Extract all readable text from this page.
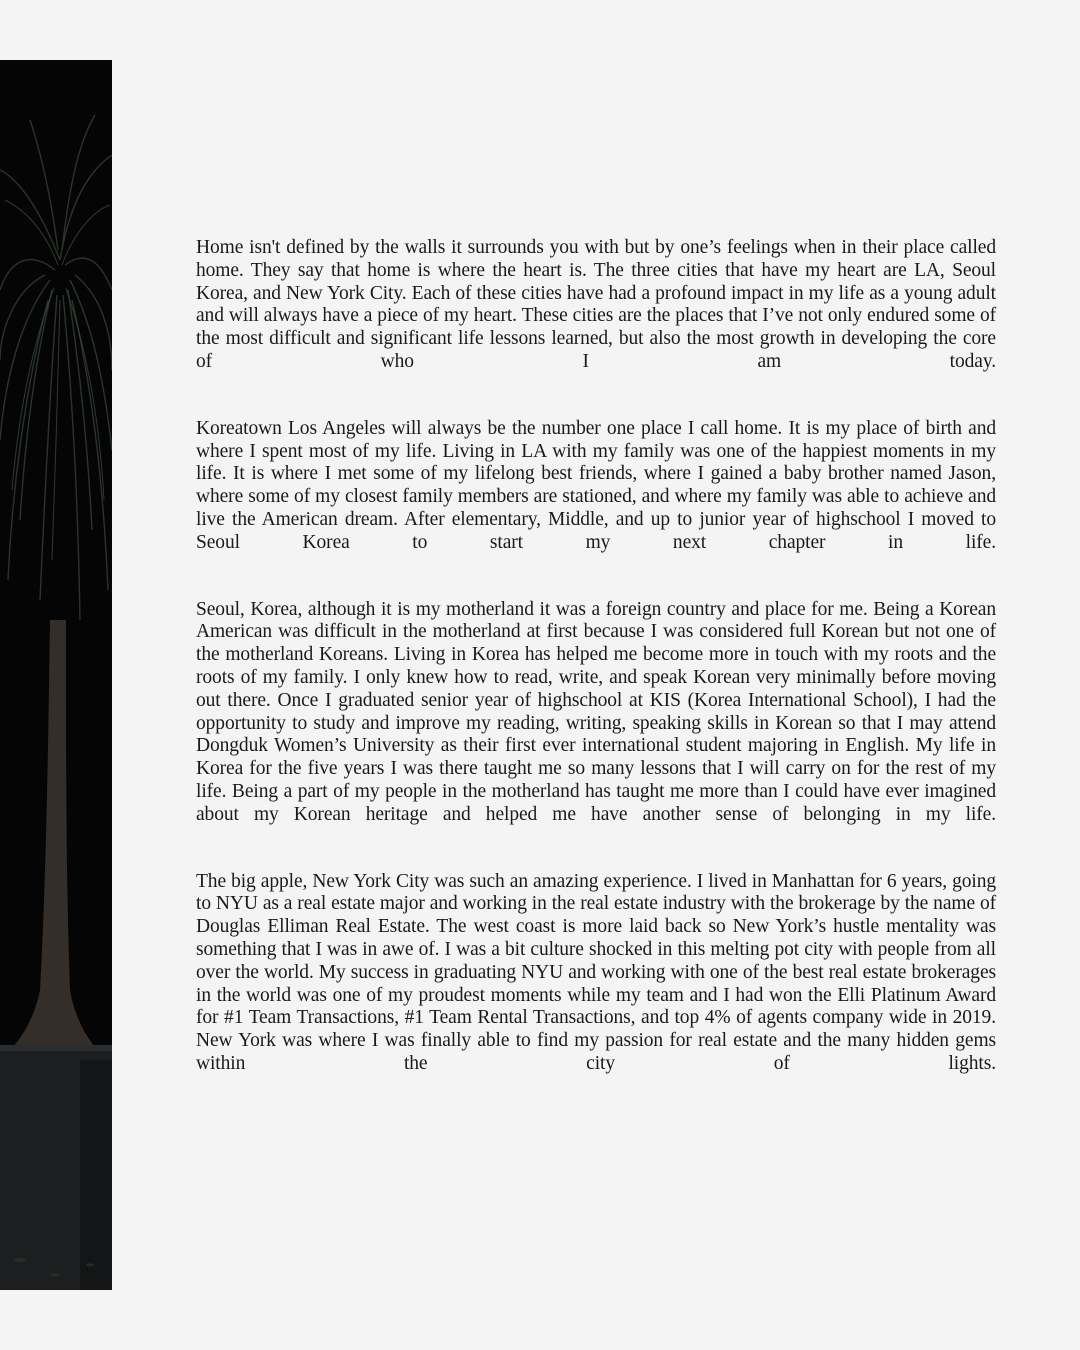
Home isn't defined by the walls it surrounds you with but by one’s feelings when in their place called home. They say that home is where the heart is. The three cities that have my heart are LA, Seoul Korea, and New York City. Each of these cities have had a profound impact in my life as a young adult and will always have a piece of my heart. These cities are the places that I’ve not only endured some of the most difficult and significant life lessons learned, but also the most growth in developing the core of who I am today.

Koreatown Los Angeles will always be the number one place I call home. It is my place of birth and where I spent most of my life. Living in LA with my family was one of the happiest moments in my life. It is where I met some of my lifelong best friends, where I gained a baby brother named Jason, where some of my closest family members are stationed, and where my family was able to achieve and live the American dream. After elementary, Middle, and up to junior year of highschool I moved to Seoul Korea to start my next chapter in life.

Seoul, Korea, although it is my motherland it was a foreign country and place for me. Being a Korean American was difficult in the motherland at first because I was considered full Korean but not one of the motherland Koreans. Living in Korea has helped me become more in touch with my roots and the roots of my family. I only knew how to read, write, and speak Korean very minimally before moving out there. Once I graduated senior year of highschool at KIS (Korea International School), I had the opportunity to study and improve my reading, writing, speaking skills in Korean so that I may attend Dongduk Women’s University as their first ever international student majoring in English. My life in Korea for the five years I was there taught me so many lessons that I will carry on for the rest of my life. Being a part of my people in the motherland has taught me more than I could have ever imagined about my Korean heritage and helped me have another sense of belonging in my life.

The big apple, New York City was such an amazing experience. I lived in Manhattan for 6 years, going to NYU as a real estate major and working in the real estate industry with the brokerage by the name of Douglas Elliman Real Estate. The west coast is more laid back so New York’s hustle mentality was something that I was in awe of. I was a bit culture shocked in this melting pot city with people from all over the world. My success in graduating NYU and working with one of the best real estate brokerages in the world was one of my proudest moments while my team and I had won the Elli Platinum Award for #1 Team Transactions, #1 Team Rental Transactions, and top 4% of agents company wide in 2019. New York was where I was finally able to find my passion for real estate and the many hidden gems within the city of lights.
